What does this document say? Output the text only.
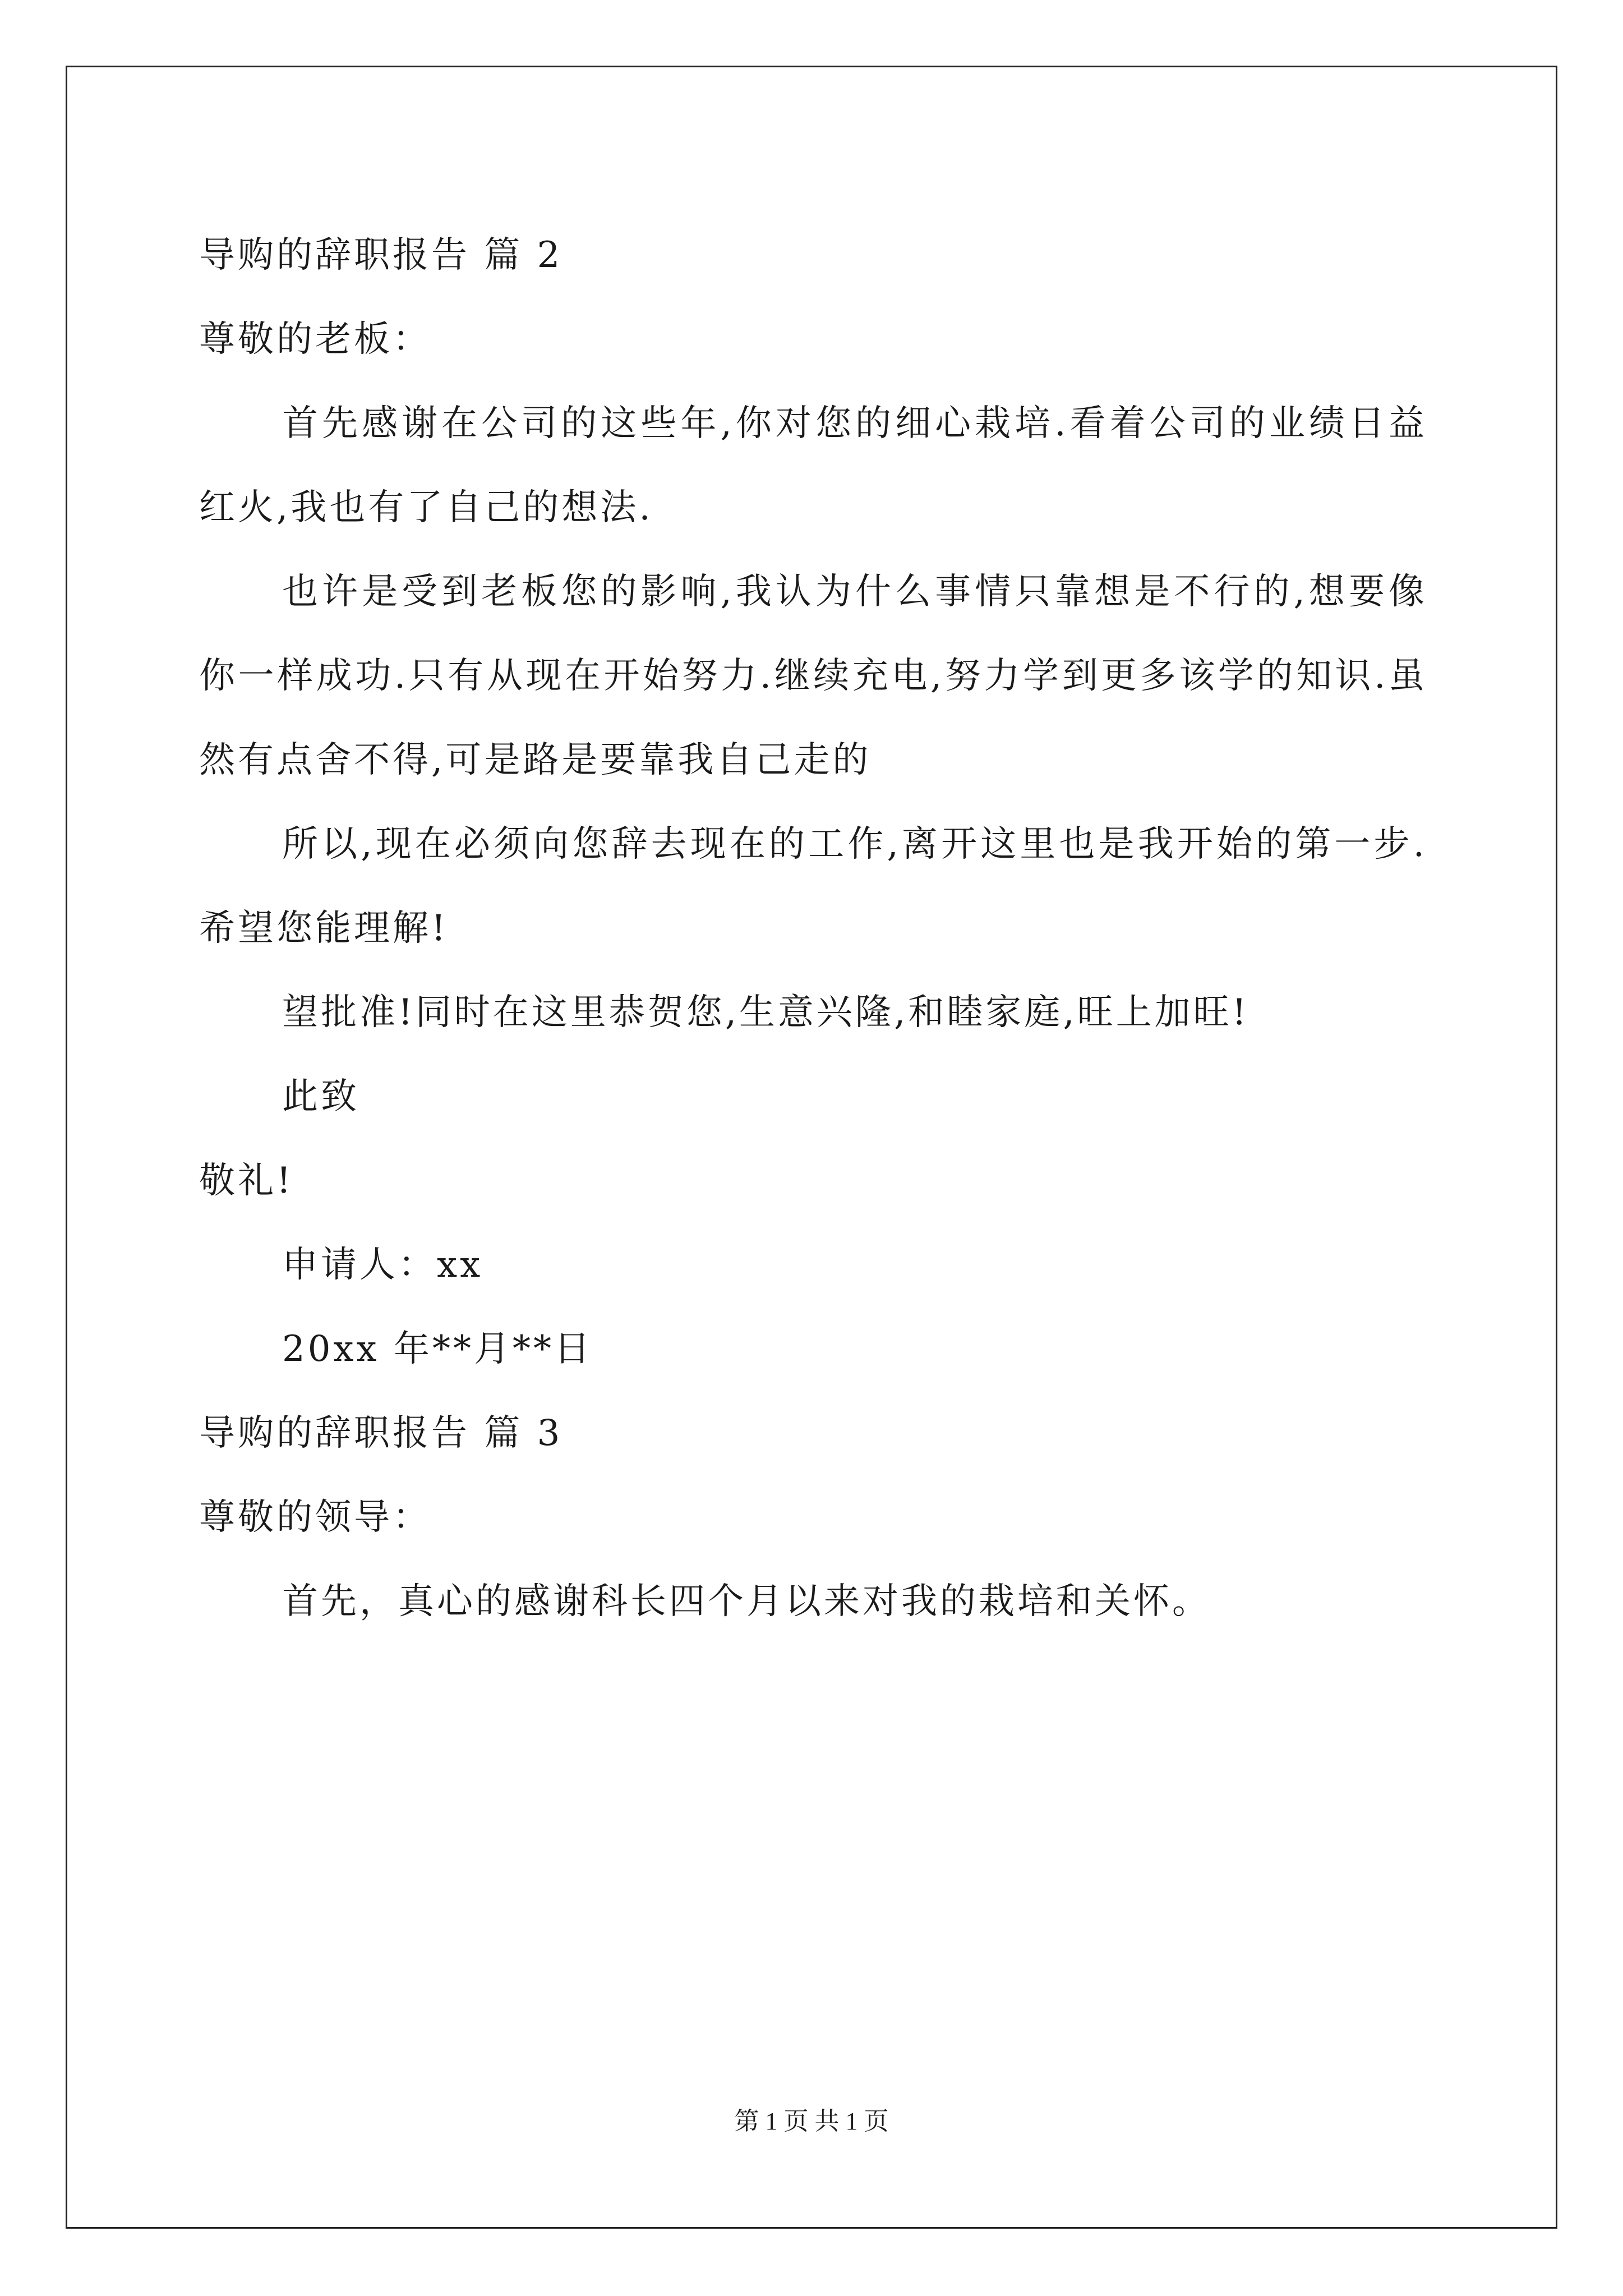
导购的辞职报告 篇 2
尊敬的老板：
首先感谢在公司的这些年,你对您的细心栽培.看着公司的业绩日益红火,我也有了自己的想法.
也许是受到老板您的影响,我认为什么事情只靠想是不行的,想要像你一样成功.只有从现在开始努力.继续充电,努力学到更多该学的知识.虽然有点舍不得,可是路是要靠我自己走的
所以,现在必须向您辞去现在的工作,离开这里也是我开始的第一步.希望您能理解!
望批准!同时在这里恭贺您,生意兴隆,和睦家庭,旺上加旺!
此致
敬礼!
申请人：xx
20xx 年**月**日
导购的辞职报告 篇 3
尊敬的领导：
首先，真心的感谢科长四个月以来对我的栽培和关怀。
第 1 页 共 1 页
